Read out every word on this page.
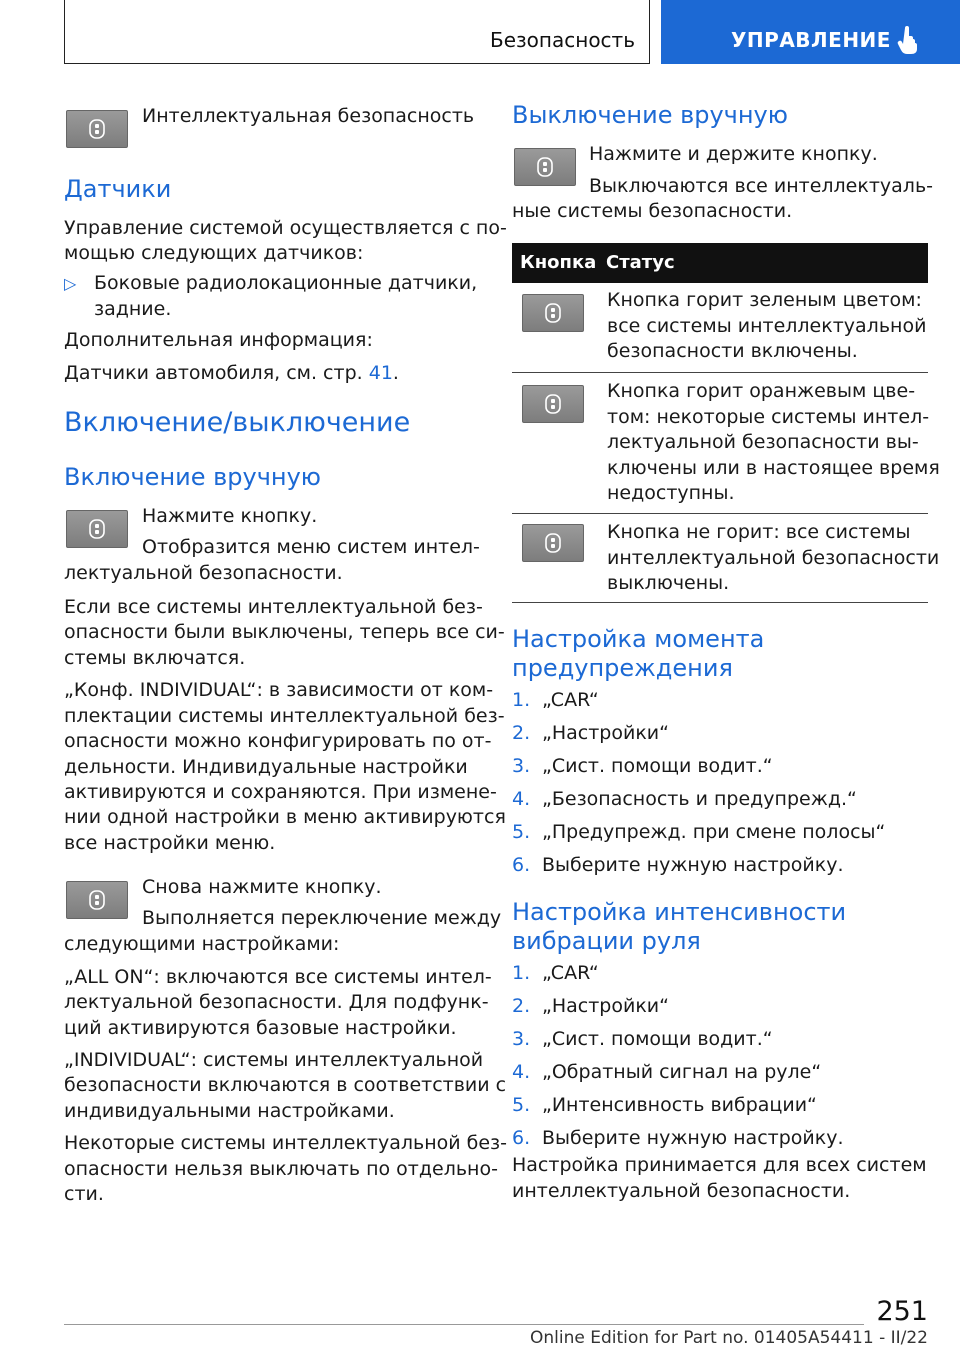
Безопасность	УПРАВЛЕНИЕ
Интеллектуальная безопасность
Датчики
Управление системой осуществляется с по-
мощью следующих датчиков:
▷ Боковые радиолокационные датчики,
задние.
Дополнительная информация:
Датчики автомобиля, см. стр. 41.
Включение/выключение
Включение вручную
Нажмите кнопку.
Отобразится меню систем интел-
лектуальной безопасности.
Если все системы интеллектуальной без-
опасности были выключены, теперь все си-
стемы включатся.
„Конф. INDIVIDUAL“: в зависимости от ком-
плектации системы интеллектуальной без-
опасности можно конфигурировать по от-
дельности. Индивидуальные настройки
активируются и сохраняются. При измене-
нии одной настройки в меню активируются
все настройки меню.
Снова нажмите кнопку.
Выполняется переключение между
следующими настройками:
„ALL ON“: включаются все системы интел-
лектуальной безопасности. Для подфунк-
ций активируются базовые настройки.
„INDIVIDUAL“: системы интеллектуальной
безопасности включаются в соответствии с
индивидуальными настройками.
Некоторые системы интеллектуальной без-
опасности нельзя выключать по отдельно-
сти.
Выключение вручную
Нажмите и держите кнопку.
Выключаются все интеллектуаль-
ные системы безопасности.
Кнопка Статус
Кнопка горит зеленым цветом:
все системы интеллектуальной
безопасности включены.
Кнопка горит оранжевым цве-
том: некоторые системы интел-
лектуальной безопасности вы-
ключены или в настоящее время
недоступны.
Кнопка не горит: все системы
интеллектуальной безопасности
выключены.
Настройка момента
предупреждения
1. „CAR“
2. „Настройки“
3. „Сист. помощи водит.“
4. „Безопасность и предупрежд.“
5. „Предупрежд. при смене полосы“
6. Выберите нужную настройку.
Настройка интенсивности
вибрации руля
1. „CAR“
2. „Настройки“
3. „Сист. помощи водит.“
4. „Обратный сигнал на руле“
5. „Интенсивность вибрации“
6. Выберите нужную настройку.
Настройка принимается для всех систем
интеллектуальной безопасности.
251
Online Edition for Part no. 01405A54411 - II/22
